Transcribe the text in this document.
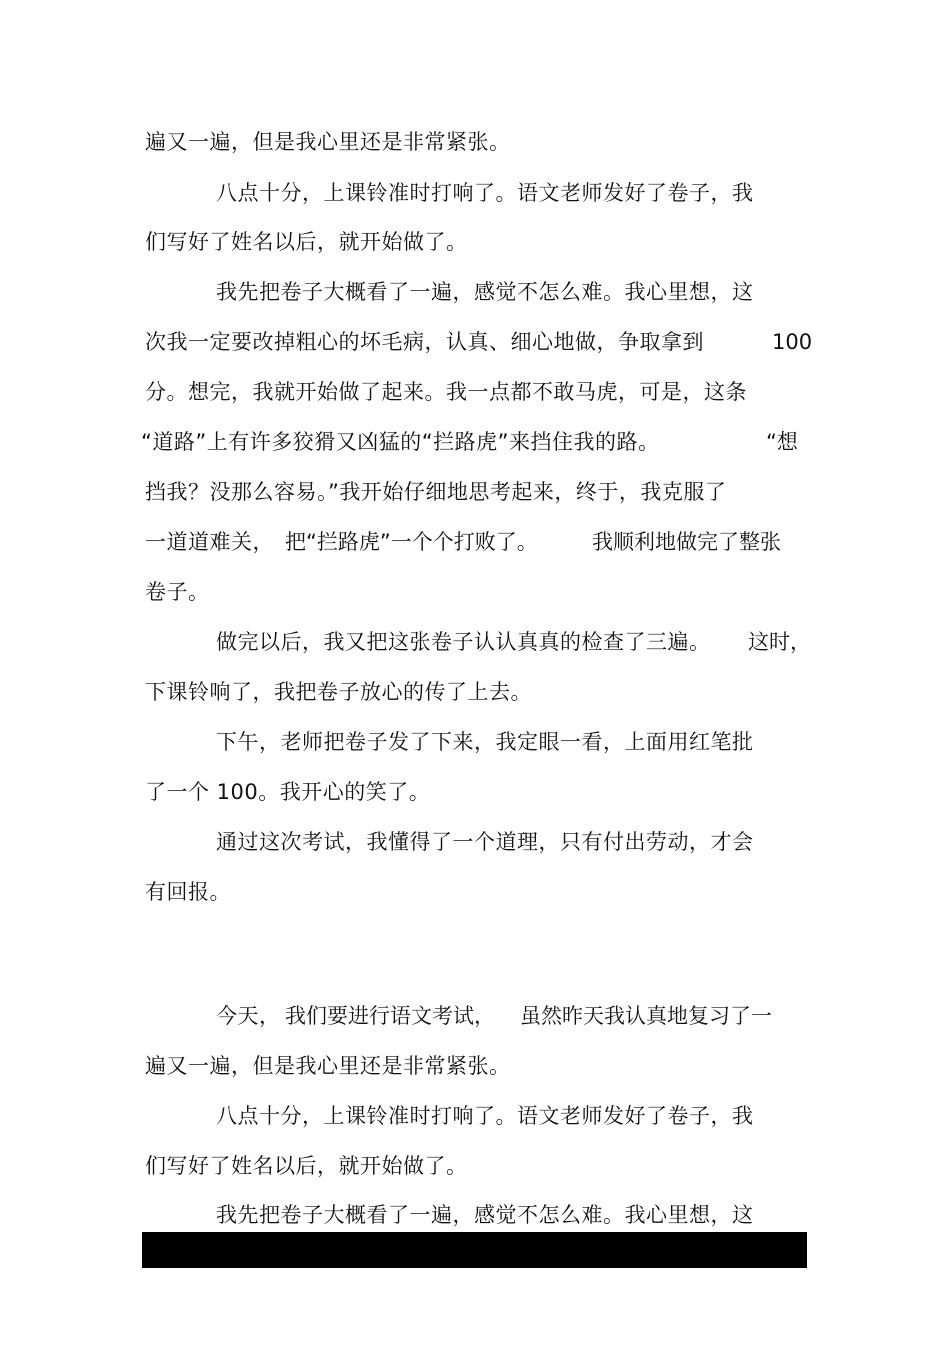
遍又一遍，但是我心里还是非常紧张。
八点十分，上课铃准时打响了。语文老师发好了卷子，我
们写好了姓名以后，就开始做了。
我先把卷子大概看了一遍，感觉不怎么难。我心里想，这
次我一定要改掉粗心的坏毛病，认真、细心地做，争取拿到	100
分。想完，我就开始做了起来。我一点都不敢马虎，可是，这条
“道路”上有许多狡猾又凶猛的“拦路虎”来挡住我的路。	“想
挡我？没那么容易。”我开始仔细地思考起来，终于，我克服了
一道道难关， 把“拦路虎”一个个打败了。	我顺利地做完了整张
卷子。
做完以后，我又把这张卷子认认真真的检查了三遍。 这时，
下课铃响了，我把卷子放心的传了上去。
下午，老师把卷子发了下来，我定眼一看，上面用红笔批
了一个 100。我开心的笑了。
通过这次考试，我懂得了一个道理，只有付出劳动，才会
有回报。
今天， 我们要进行语文考试， 虽然昨天我认真地复习了一
遍又一遍，但是我心里还是非常紧张。
八点十分，上课铃准时打响了。语文老师发好了卷子，我
们写好了姓名以后，就开始做了。
我先把卷子大概看了一遍，感觉不怎么难。我心里想，这
